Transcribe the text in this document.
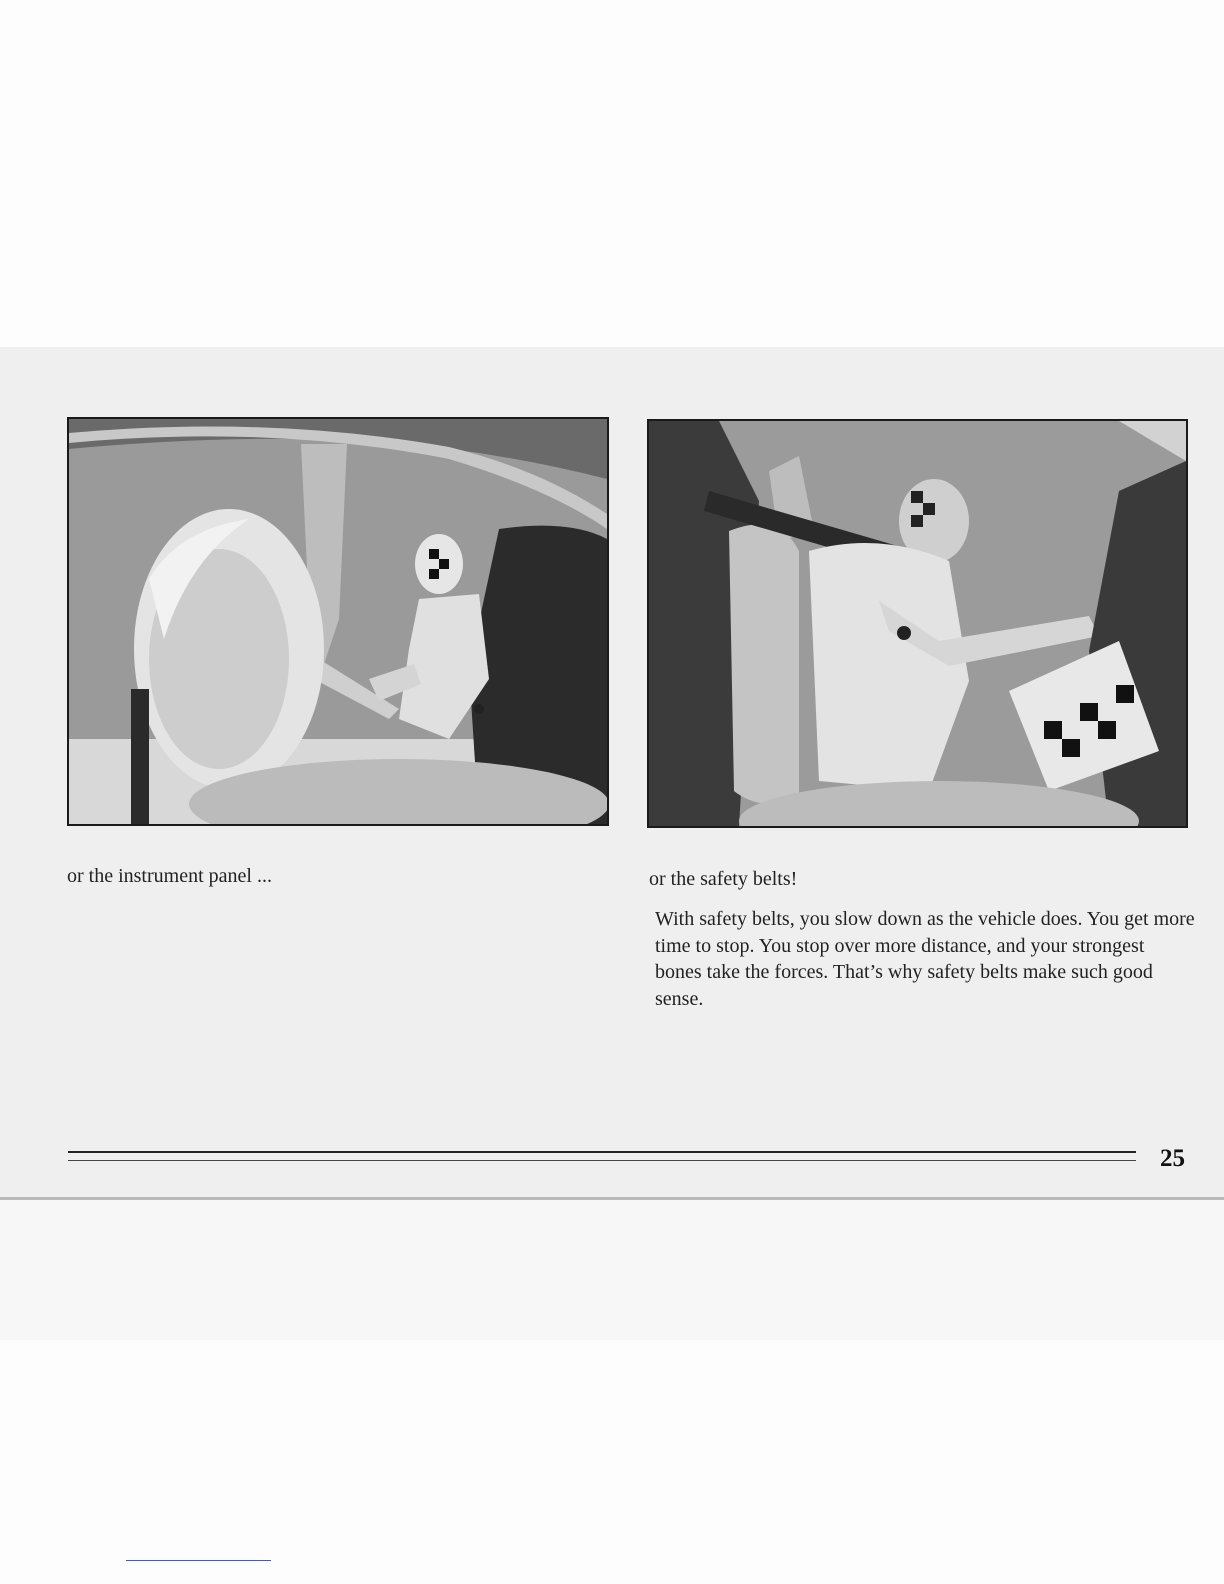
or the instrument panel ...	or the safety belts!

With safety belts, you slow down as the vehicle does. You get more time to stop. You stop over more distance, and your strongest bones take the forces. That’s why safety belts make such good sense.

25
